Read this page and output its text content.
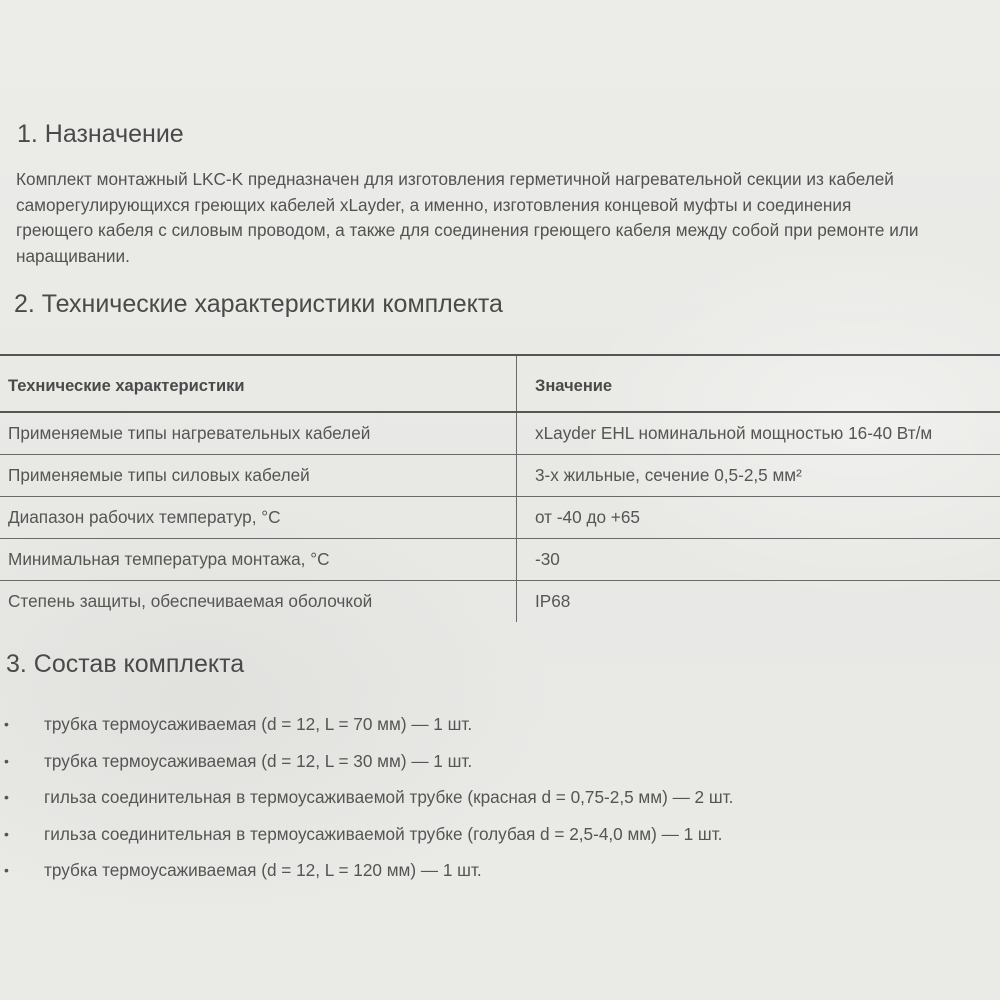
1. Назначение

Комплект монтажный LKC-K предназначен для изготовления герметичной нагревательной секции из кабелей
саморегулирующихся греющих кабелей xLayder, а именно, изготовления концевой муфты и соединения
греющего кабеля с силовым проводом, а также для соединения греющего кабеля между собой при ремонте или
наращивании.

2. Технические характеристики комплекта
Технические характеристики	Значение
Применяемые типы нагревательных кабелей	xLayder EHL номинальной мощностью 16-40 Вт/м
Применяемые типы силовых кабелей	3-х жильные, сечение 0,5-2,5 мм²
Диапазон рабочих температур, °С	от -40 до +65
Минимальная температура монтажа, °С	-30
Степень защиты, обеспечиваемая оболочкой	IP68
3. Состав комплекта
• трубка термоусаживаемая (d = 12, L = 70 мм) — 1 шт.
• трубка термоусаживаемая (d = 12, L = 30 мм) — 1 шт.
• гильза соединительная в термоусаживаемой трубке (красная d = 0,75-2,5 мм) — 2 шт.
• гильза соединительная в термоусаживаемой трубке (голубая d = 2,5-4,0 мм) — 1 шт.
• трубка термоусаживаемая (d = 12, L = 120 мм) — 1 шт.
